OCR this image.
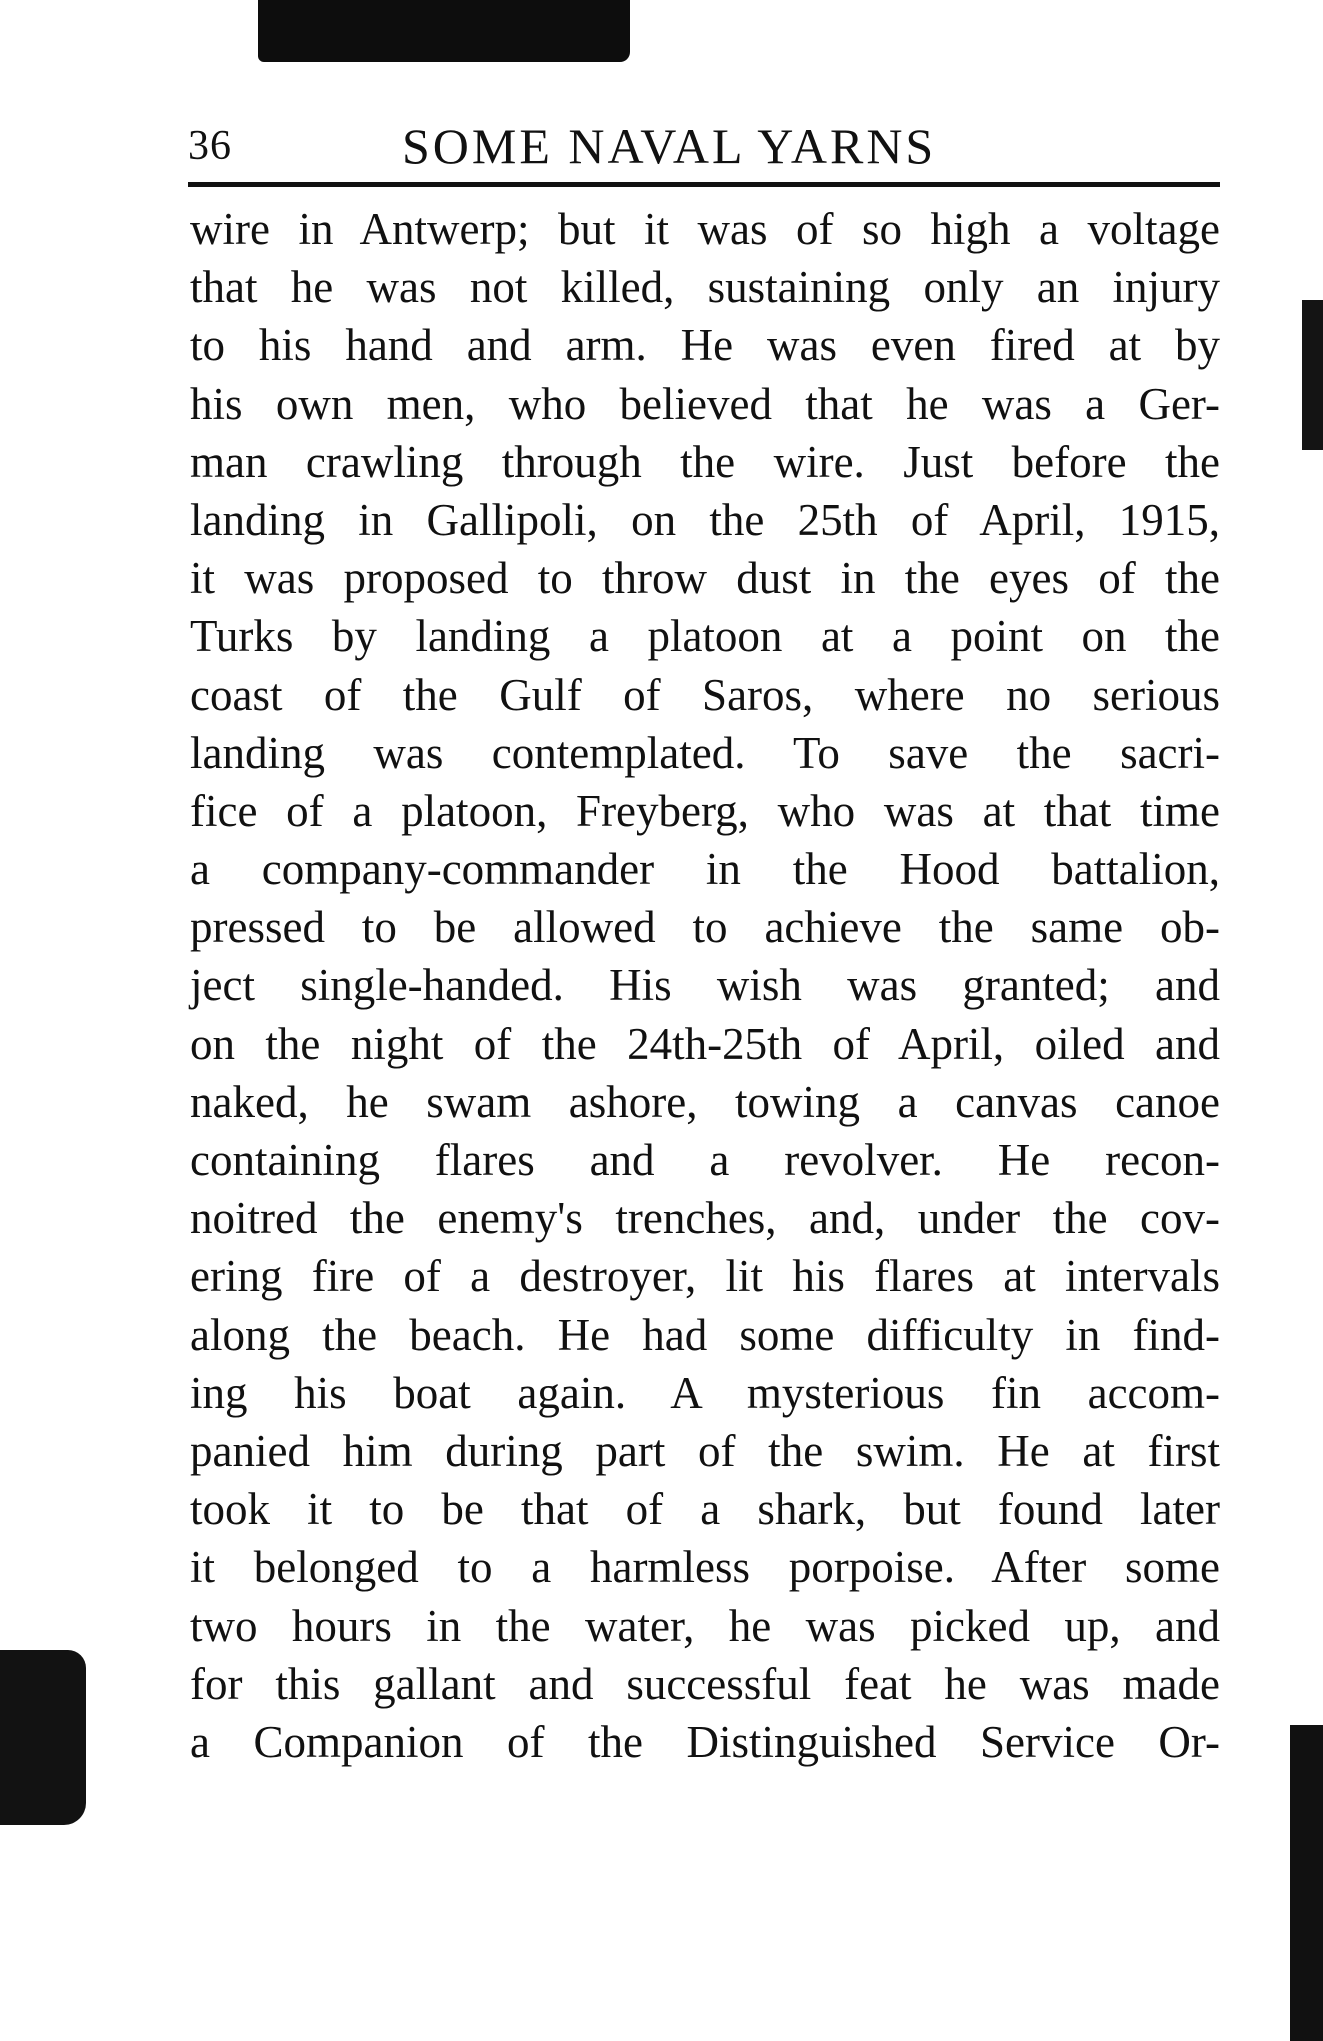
36	SOME NAVAL YARNS
wire in Antwerp; but it was of so high a voltage
that he was not killed, sustaining only an injury
to his hand and arm. He was even fired at by
his own men, who believed that he was a Ger-
man crawling through the wire. Just before the
landing in Gallipoli, on the 25th of April, 1915,
it was proposed to throw dust in the eyes of the
Turks by landing a platoon at a point on the
coast of the Gulf of Saros, where no serious
landing was contemplated. To save the sacri-
fice of a platoon, Freyberg, who was at that time
a company-commander in the Hood battalion,
pressed to be allowed to achieve the same ob-
ject single-handed. His wish was granted; and
on the night of the 24th-25th of April, oiled and
naked, he swam ashore, towing a canvas canoe
containing flares and a revolver. He recon-
noitred the enemy's trenches, and, under the cov-
ering fire of a destroyer, lit his flares at intervals
along the beach. He had some difficulty in find-
ing his boat again. A mysterious fin accom-
panied him during part of the swim. He at first
took it to be that of a shark, but found later
it belonged to a harmless porpoise. After some
two hours in the water, he was picked up, and
for this gallant and successful feat he was made
a Companion of the Distinguished Service Or-
